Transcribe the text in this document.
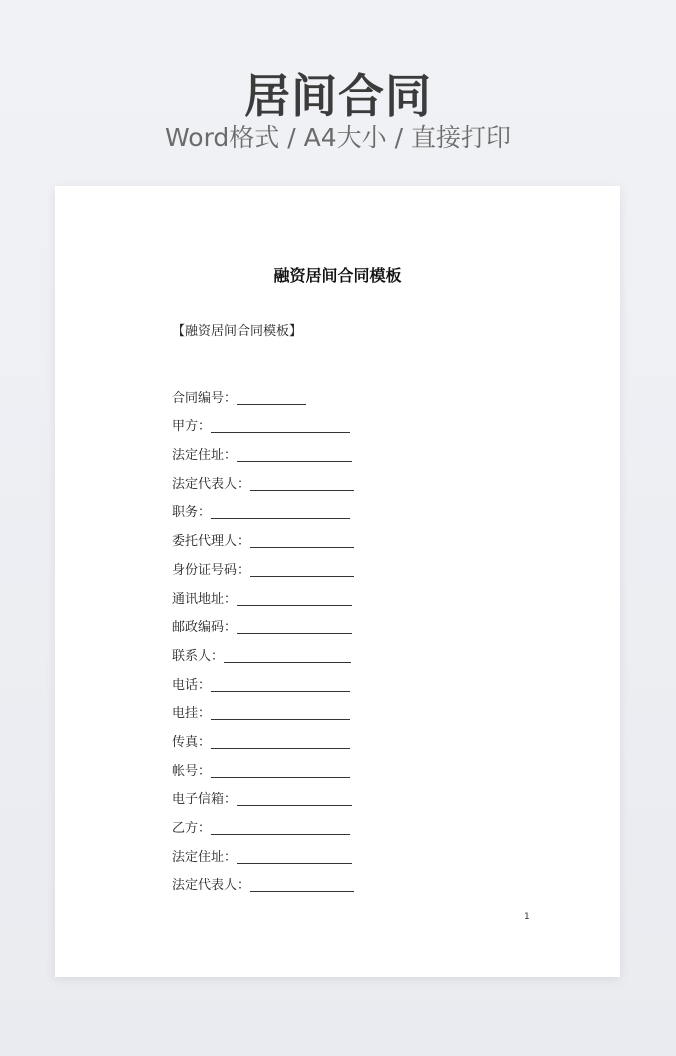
居间合同
Word格式 / A4大小 / 直接打印
融资居间合同模板
【融资居间合同模板】
合同编号：
甲方：
法定住址：
法定代表人：
职务：
委托代理人：
身份证号码：
通讯地址：
邮政编码：
联系人：
电话：
电挂：
传真：
帐号：
电子信箱：
乙方：
法定住址：
法定代表人：
1
